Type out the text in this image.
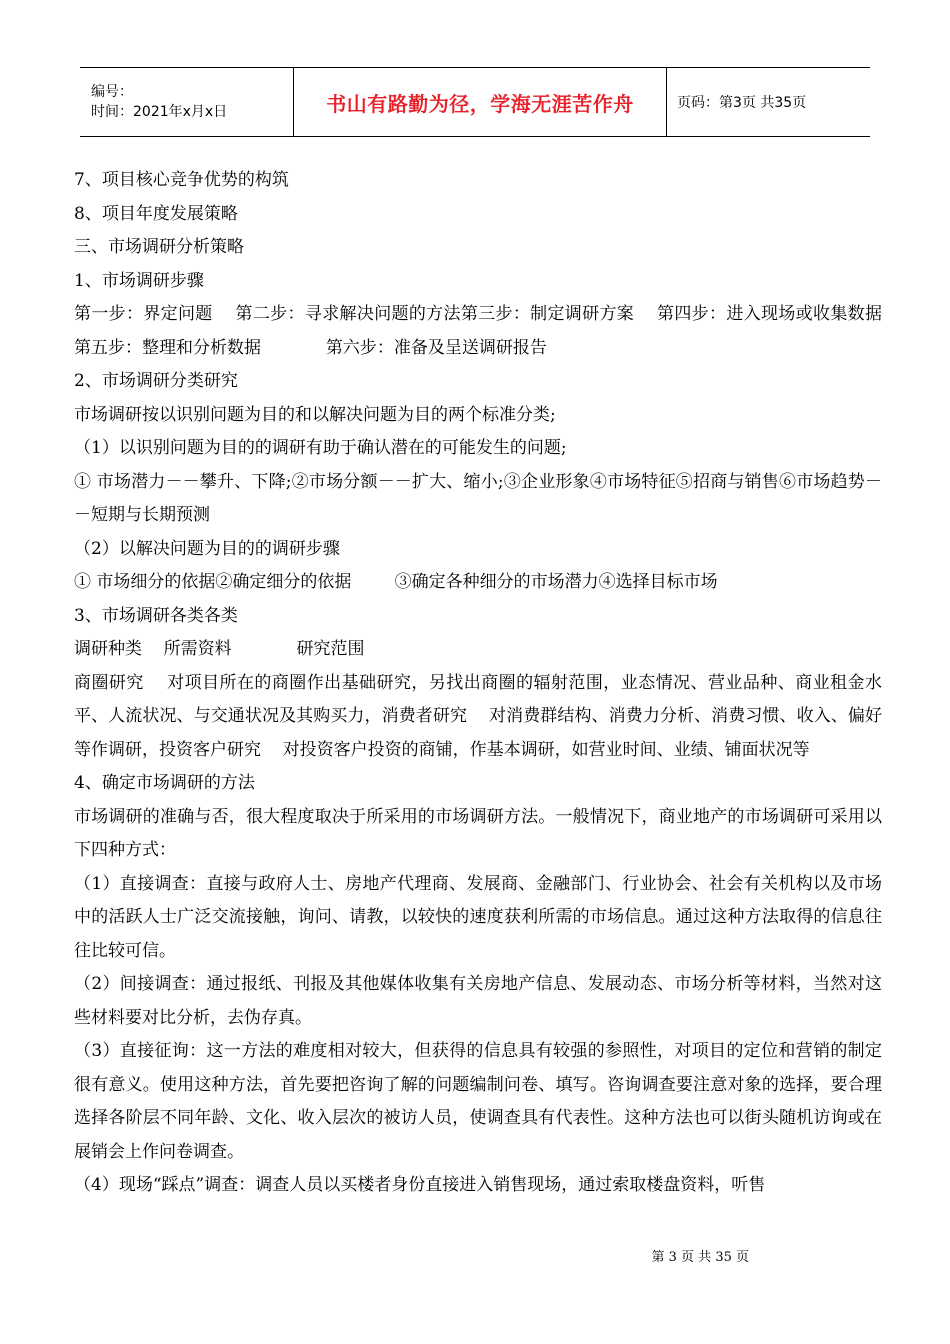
编号：
时间：2021年x月x日	书山有路勤为径，学海无涯苦作舟	页码：第3页 共35页

7、项目核心竞争优势的构筑

8、项目年度发展策略

三、市场调研分析策略

1、市场调研步骤

第一步：界定问题    第二步：寻求解决问题的方法第三步：制定调研方案    第四步：进入现场或收集数据      第五步：整理和分析数据            第六步：准备及呈送调研报告

2、市场调研分类研究

市场调研按以识别问题为目的和以解决问题为目的两个标准分类;

（1）以识别问题为目的的调研有助于确认潜在的可能发生的问题;

① 市场潜力－－攀升、下降;②市场分额－－扩大、缩小;③企业形象④市场特征⑤招商与销售⑥市场趋势－－短期与长期预测

（2）以解决问题为目的的调研步骤

① 市场细分的依据②确定细分的依据        ③确定各种细分的市场潜力④选择目标市场

3、市场调研各类各类

调研种类    所需资料            研究范围

商圈研究    对项目所在的商圈作出基础研究，另找出商圈的辐射范围，业态情况、营业品种、商业租金水平、人流状况、与交通状况及其购买力，消费者研究    对消费群结构、消费力分析、消费习惯、收入、偏好等作调研，投资客户研究    对投资客户投资的商铺，作基本调研，如营业时间、业绩、铺面状况等

4、确定市场调研的方法

市场调研的准确与否，很大程度取决于所采用的市场调研方法。一般情况下，商业地产的市场调研可采用以下四种方式：

（1）直接调查：直接与政府人士、房地产代理商、发展商、金融部门、行业协会、社会有关机构以及市场中的活跃人士广泛交流接触，询问、请教，以较快的速度获利所需的市场信息。通过这种方法取得的信息往往比较可信。

（2）间接调查：通过报纸、刊报及其他媒体收集有关房地产信息、发展动态、市场分析等材料，当然对这些材料要对比分析，去伪存真。

（3）直接征询：这一方法的难度相对较大，但获得的信息具有较强的参照性，对项目的定位和营销的制定很有意义。使用这种方法，首先要把咨询了解的问题编制问卷、填写。咨询调查要注意对象的选择，要合理选择各阶层不同年龄、文化、收入层次的被访人员，使调查具有代表性。这种方法也可以街头随机访询或在展销会上作问卷调查。

（4）现场“踩点”调查：调查人员以买楼者身份直接进入销售现场，通过索取楼盘资料，听售

第 3 页 共 35 页
